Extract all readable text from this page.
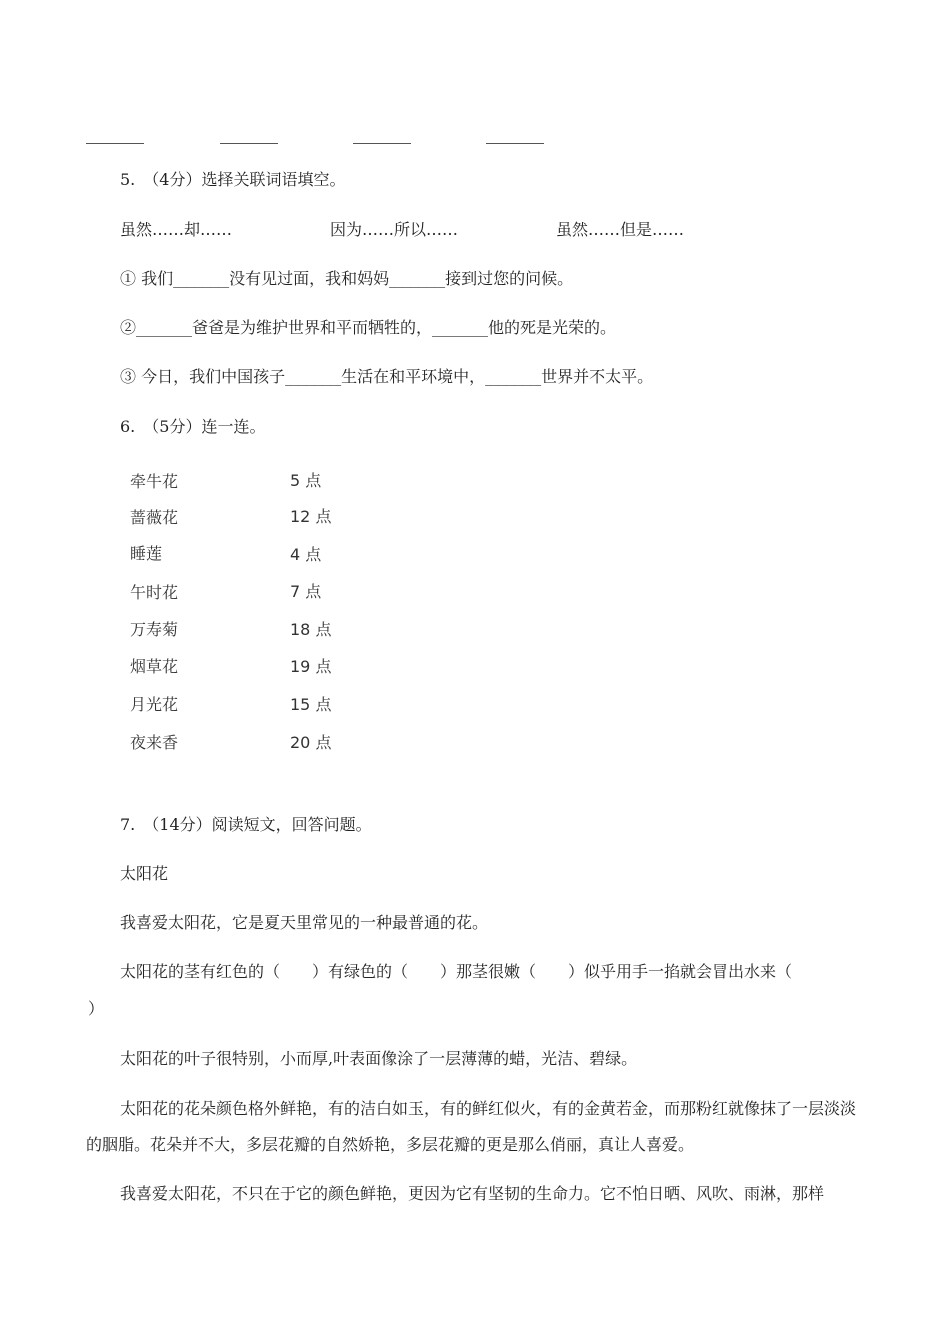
5.　（4分）选择关联词语填空。
虽然……却……	因为……所以……	虽然……但是……
① 我们_______没有见过面，我和妈妈_______接到过您的问候。
②_______爸爸是为维护世界和平而牺牲的，_______他的死是光荣的。
③ 今日，我们中国孩子_______生活在和平环境中，_______世界并不太平。
6.　（5分）连一连。
牵牛花
蔷薇花
睡莲
午时花
万寿菊
烟草花
月光花
夜来香
5 点
12 点
4 点
7 点
18 点
19 点
15 点
20 点
7.　（14分）阅读短文，回答问题。
太阳花
我喜爱太阳花，它是夏天里常见的一种最普通的花。
太阳花的茎有红色的（　　）有绿色的（　　）那茎很嫩（　　）似乎用手一掐就会冒出水来（
）
太阳花的叶子很特别，小而厚,叶表面像涂了一层薄薄的蜡，光洁、碧绿。
太阳花的花朵颜色格外鲜艳，有的洁白如玉，有的鲜红似火，有的金黄若金，而那粉红就像抹了一层淡淡的胭脂。花朵并不大，多层花瓣的自然娇艳，多层花瓣的更是那么俏丽，真让人喜爱。
我喜爱太阳花，不只在于它的颜色鲜艳，更因为它有坚韧的生命力。它不怕日晒、风吹、雨淋，那样
